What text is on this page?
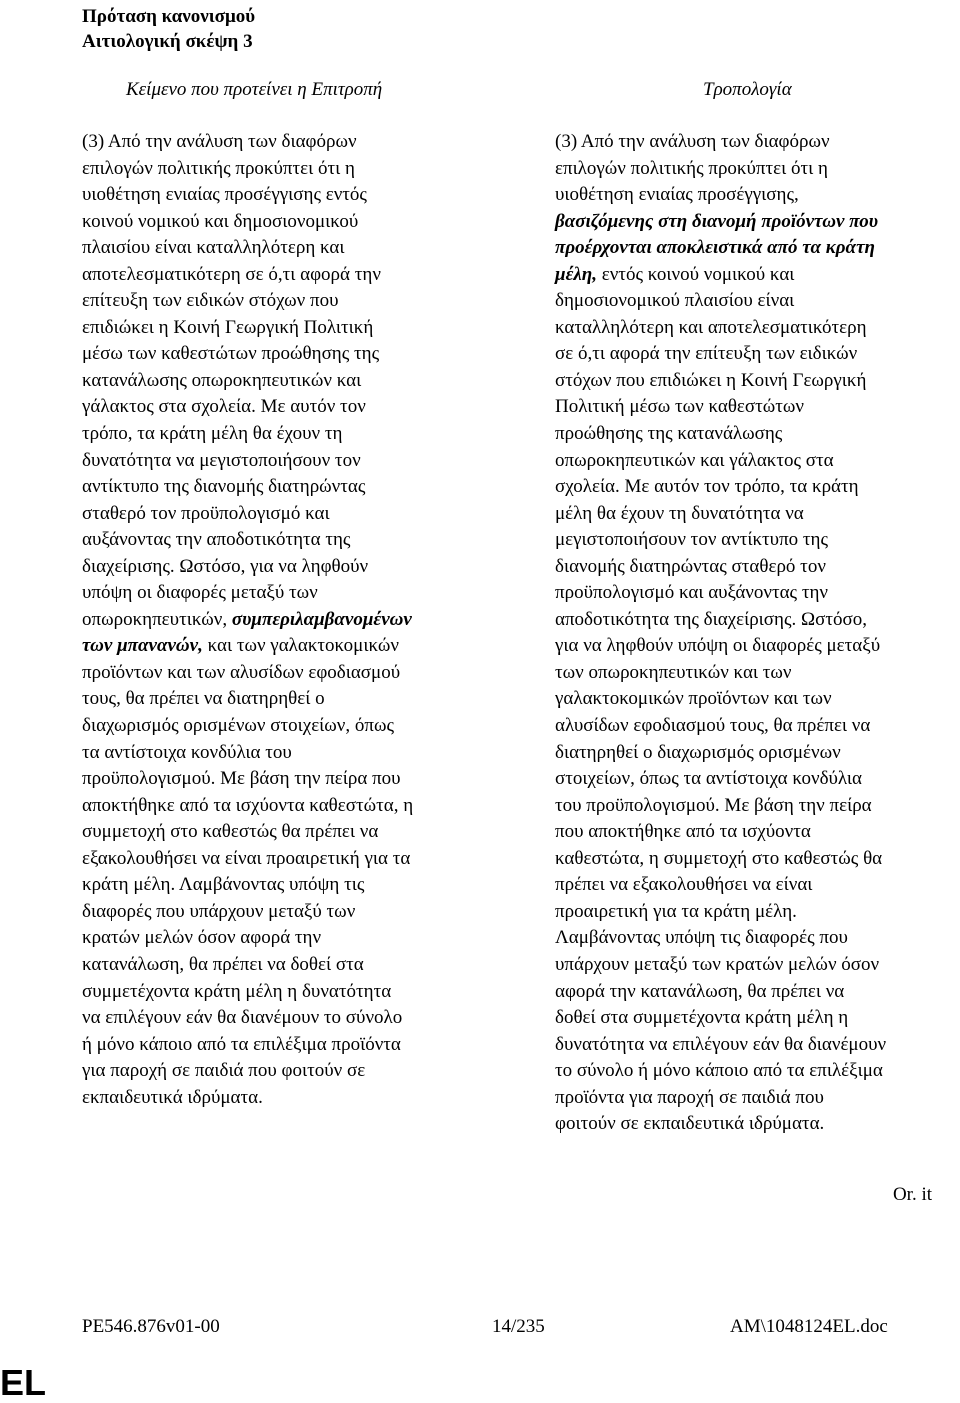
Πρόταση κανονισμού
Αιτιολογική σκέψη 3
Κείμενο που προτείνει η Επιτροπή	Τροπολογία
(3) Από την ανάλυση των διαφόρων
επιλογών πολιτικής προκύπτει ότι η
υιοθέτηση ενιαίας προσέγγισης εντός
κοινού νομικού και δημοσιονομικού
πλαισίου είναι καταλληλότερη και
αποτελεσματικότερη σε ό,τι αφορά την
επίτευξη των ειδικών στόχων που
επιδιώκει η Κοινή Γεωργική Πολιτική
μέσω των καθεστώτων προώθησης της
κατανάλωσης οπωροκηπευτικών και
γάλακτος στα σχολεία. Με αυτόν τον
τρόπο, τα κράτη μέλη θα έχουν τη
δυνατότητα να μεγιστοποιήσουν τον
αντίκτυπο της διανομής διατηρώντας
σταθερό τον προϋπολογισμό και
αυξάνοντας την αποδοτικότητα της
διαχείρισης. Ωστόσο, για να ληφθούν
υπόψη οι διαφορές μεταξύ των
οπωροκηπευτικών, συμπεριλαμβανομένων
των μπανανών, και των γαλακτοκομικών
προϊόντων και των αλυσίδων εφοδιασμού
τους, θα πρέπει να διατηρηθεί ο
διαχωρισμός ορισμένων στοιχείων, όπως
τα αντίστοιχα κονδύλια του
προϋπολογισμού. Με βάση την πείρα που
αποκτήθηκε από τα ισχύοντα καθεστώτα, η
συμμετοχή στο καθεστώς θα πρέπει να
εξακολουθήσει να είναι προαιρετική για τα
κράτη μέλη. Λαμβάνοντας υπόψη τις
διαφορές που υπάρχουν μεταξύ των
κρατών μελών όσον αφορά την
κατανάλωση, θα πρέπει να δοθεί στα
συμμετέχοντα κράτη μέλη η δυνατότητα
να επιλέγουν εάν θα διανέμουν το σύνολο
ή μόνο κάποιο από τα επιλέξιμα προϊόντα
για παροχή σε παιδιά που φοιτούν σε
εκπαιδευτικά ιδρύματα.
(3) Από την ανάλυση των διαφόρων
επιλογών πολιτικής προκύπτει ότι η
υιοθέτηση ενιαίας προσέγγισης,
βασιζόμενης στη διανομή προϊόντων που
προέρχονται αποκλειστικά από τα κράτη
μέλη, εντός κοινού νομικού και
δημοσιονομικού πλαισίου είναι
καταλληλότερη και αποτελεσματικότερη
σε ό,τι αφορά την επίτευξη των ειδικών
στόχων που επιδιώκει η Κοινή Γεωργική
Πολιτική μέσω των καθεστώτων
προώθησης της κατανάλωσης
οπωροκηπευτικών και γάλακτος στα
σχολεία. Με αυτόν τον τρόπο, τα κράτη
μέλη θα έχουν τη δυνατότητα να
μεγιστοποιήσουν τον αντίκτυπο της
διανομής διατηρώντας σταθερό τον
προϋπολογισμό και αυξάνοντας την
αποδοτικότητα της διαχείρισης. Ωστόσο,
για να ληφθούν υπόψη οι διαφορές μεταξύ
των οπωροκηπευτικών και των
γαλακτοκομικών προϊόντων και των
αλυσίδων εφοδιασμού τους, θα πρέπει να
διατηρηθεί ο διαχωρισμός ορισμένων
στοιχείων, όπως τα αντίστοιχα κονδύλια
του προϋπολογισμού. Με βάση την πείρα
που αποκτήθηκε από τα ισχύοντα
καθεστώτα, η συμμετοχή στο καθεστώς θα
πρέπει να εξακολουθήσει να είναι
προαιρετική για τα κράτη μέλη.
Λαμβάνοντας υπόψη τις διαφορές που
υπάρχουν μεταξύ των κρατών μελών όσον
αφορά την κατανάλωση, θα πρέπει να
δοθεί στα συμμετέχοντα κράτη μέλη η
δυνατότητα να επιλέγουν εάν θα διανέμουν
το σύνολο ή μόνο κάποιο από τα επιλέξιμα
προϊόντα για παροχή σε παιδιά που
φοιτούν σε εκπαιδευτικά ιδρύματα.
Or. it
PE546.876v01-00	14/235	AM\1048124EL.doc
EL
